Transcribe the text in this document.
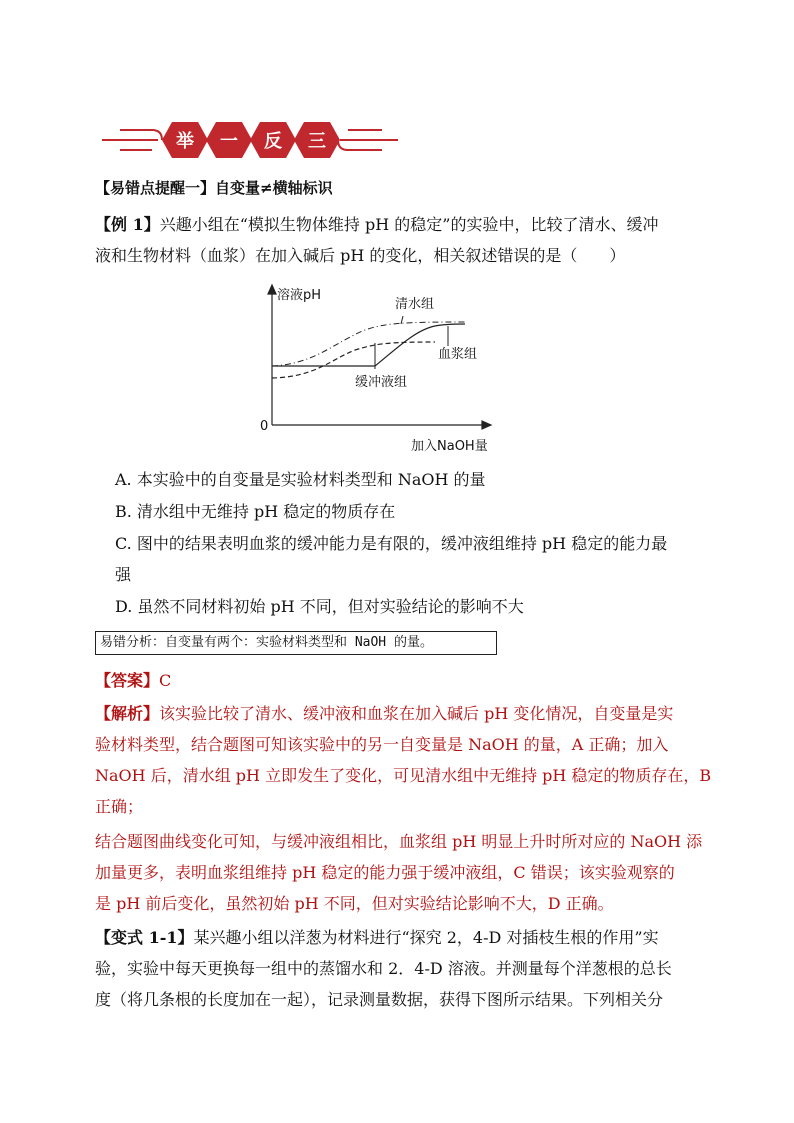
举 一 反 三
【易错点提醒一】自变量≠横轴标识
【例 1】兴趣小组在“模拟生物体维持 pH 的稳定”的实验中，比较了清水、缓冲
液和生物材料（血浆）在加入碱后 pH 的变化，相关叙述错误的是（　　）
溶液pH
加入NaOH量
0
清水组
血浆组
缓冲液组
A. 本实验中的自变量是实验材料类型和 NaOH 的量
B. 清水组中无维持 pH 稳定的物质存在
C. 图中的结果表明血浆的缓冲能力是有限的，缓冲液组维持 pH 稳定的能力最
强
D. 虽然不同材料初始 pH 不同，但对实验结论的影响不大
易错分析：自变量有两个：实验材料类型和 NaOH 的量。
【答案】C
【解析】该实验比较了清水、缓冲液和血浆在加入碱后 pH 变化情况，自变量是实
验材料类型，结合题图可知该实验中的另一自变量是 NaOH 的量，A 正确；加入
NaOH 后，清水组 pH 立即发生了变化，可见清水组中无维持 pH 稳定的物质存在，B
正确；
结合题图曲线变化可知，与缓冲液组相比，血浆组 pH 明显上升时所对应的 NaOH 添
加量更多，表明血浆组维持 pH 稳定的能力强于缓冲液组，C 错误；该实验观察的
是 pH 前后变化，虽然初始 pH 不同，但对实验结论影响不大，D 正确。
【变式 1-1】某兴趣小组以洋葱为材料进行“探究 2，4-D 对插枝生根的作用”实
验，实验中每天更换每一组中的蒸馏水和 2．4-D 溶液。并测量每个洋葱根的总长
度（将几条根的长度加在一起），记录测量数据，获得下图所示结果。下列相关分
